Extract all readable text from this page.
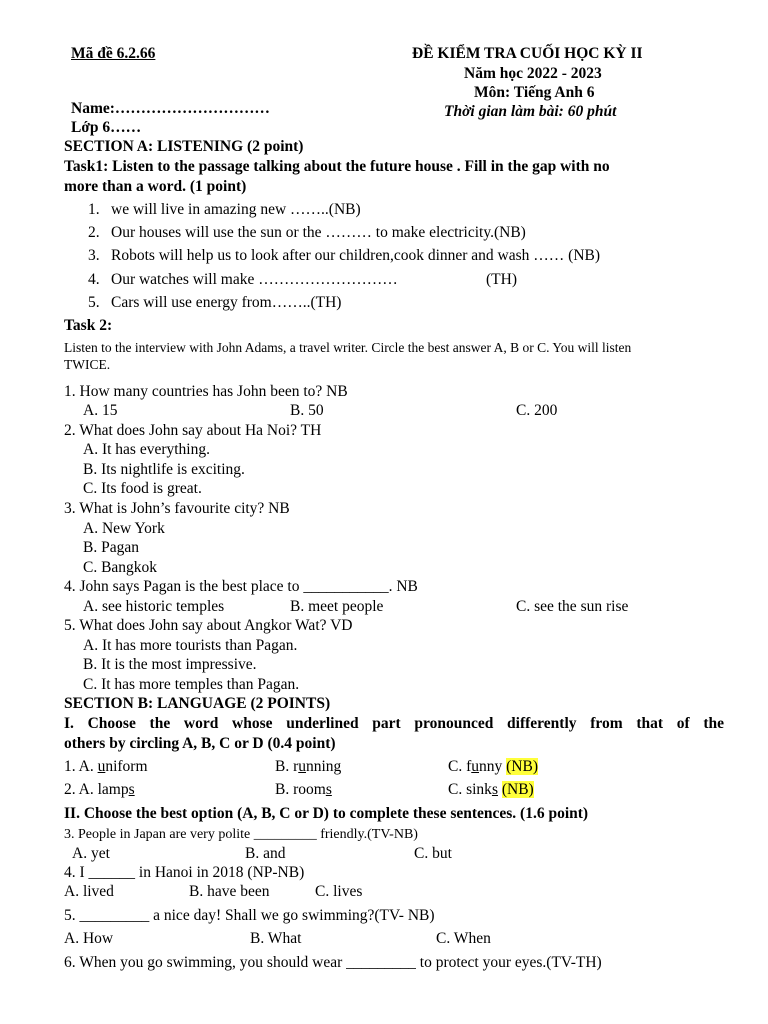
Mã đề 6.2.66	ĐỀ KIỂM TRA CUỐI HỌC KỲ II
Năm học 2022 - 2023
Môn: Tiếng Anh 6
Thời gian làm bài: 60 phút
Name:…………………………
Lớp 6……
SECTION A: LISTENING (2 point)
Task1: Listen to the passage talking about the future house . Fill in the gap with no
more than a word. (1 point)
1. we will live in amazing new ……..(NB)
2. Our houses will use the sun or the ……… to make electricity.(NB)
3. Robots will help us to look after our children,cook dinner and wash …… (NB)
4. Our watches will make ………………………	(TH)
5. Cars will use energy from……..(TH)
Task 2:
Listen to the interview with John Adams, a travel writer. Circle the best answer A, B or C. You will listen
TWICE.
1. How many countries has John been to? NB
A. 15	B. 50	C. 200
2. What does John say about Ha Noi? TH
A. It has everything.
B. Its nightlife is exciting.
C. Its food is great.
3. What is John’s favourite city? NB
A. New York
B. Pagan
C. Bangkok
4. John says Pagan is the best place to ___________. NB
A. see historic temples	B. meet people	C. see the sun rise
5. What does John say about Angkor Wat? VD
A. It has more tourists than Pagan.
B. It is the most impressive.
C. It has more temples than Pagan.
SECTION B: LANGUAGE (2 POINTS)
I. Choose the word whose underlined part pronounced differently from that of the
others by circling A, B, C or D (0.4 point)
1. A. uniform	B. running	C. funny (NB)
2. A. lamps	B. rooms	C. sinks (NB)
II. Choose the best option (A, B, C or D) to complete these sentences. (1.6 point)
3. People in Japan are very polite _________ friendly.(TV-NB)
A. yet	B. and	C. but
4. I ______ in Hanoi in 2018 (NP-NB)
A. lived	B. have been	C. lives
5. _________ a nice day! Shall we go swimming?(TV- NB)
A. How	B. What	C. When
6. When you go swimming, you should wear _________ to protect your eyes.(TV-TH)
